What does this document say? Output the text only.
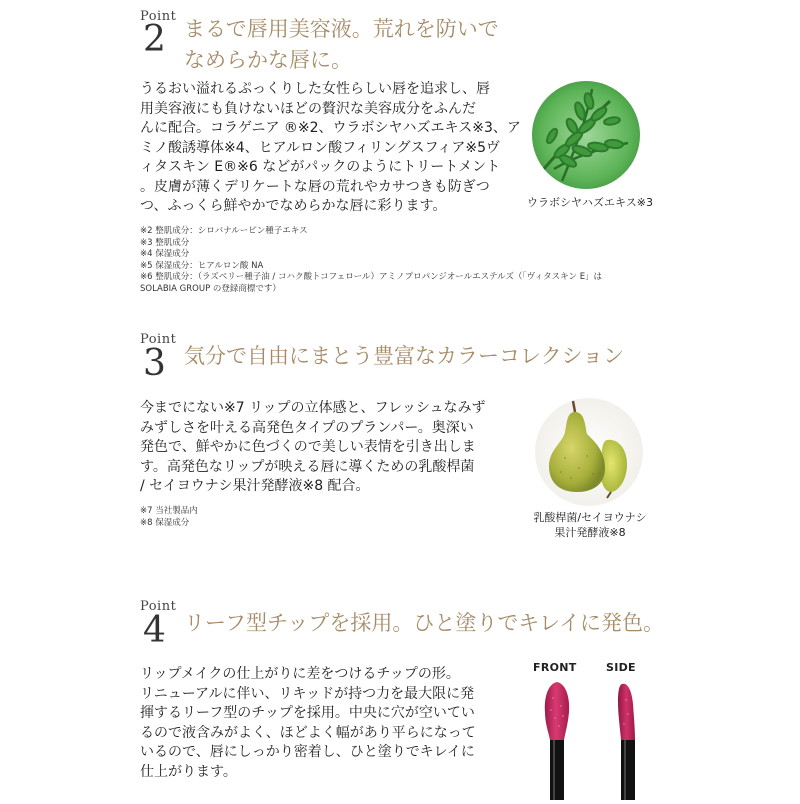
Point
2 まるで唇用美容液。荒れを防いで
なめらかな唇に。
うるおい溢れるぷっくりした女性らしい唇を追求し、唇
用美容液にも負けないほどの贅沢な美容成分をふんだ
んに配合。コラゲニア ®※2、ウラボシヤハズエキス※3、ア
ミノ酸誘導体※4、ヒアルロン酸フィリングスフィア※5ヴ
ィタスキン E®※6 などがパックのようにトリートメント
。皮膚が薄くデリケートな唇の荒れやカサつきも防ぎつ
つ、ふっくら鮮やかでなめらかな唇に彩ります。
※2 整肌成分：シロバナルーピン種子エキス
※3 整肌成分
※4 保湿成分
※5 保湿成分：ヒアルロン酸 NA
※6 整肌成分：（ラズベリー種子油 / コハク酸トコフェロール）アミノプロパンジオールエステルズ（「ヴィタスキン E」は
SOLABIA GROUP の登録商標です）
ウラボシヤハズエキス※3
Point
3 気分で自由にまとう豊富なカラーコレクション
今までにない※7 リップの立体感と、フレッシュなみず
みずしさを叶える高発色タイプのプランパー。奥深い
発色で、鮮やかに色づくので美しい表情を引き出しま
す。高発色なリップが映える唇に導くための乳酸桿菌
/ セイヨウナシ果汁発酵液※8 配合。
※7 当社製品内
※8 保湿成分	乳酸桿菌/セイヨウナシ
果汁発酵液※8
Point
4 リーフ型チップを採用。ひと塗りでキレイに発色。
リップメイクの仕上がりに差をつけるチップの形。
リニューアルに伴い、リキッドが持つ力を最大限に発
揮するリーフ型のチップを採用。中央に穴が空いてい
るので液含みがよく、ほどよく幅があり平らになって
いるので、唇にしっかり密着し、ひと塗りでキレイに
仕上がります。
FRONT	SIDE
